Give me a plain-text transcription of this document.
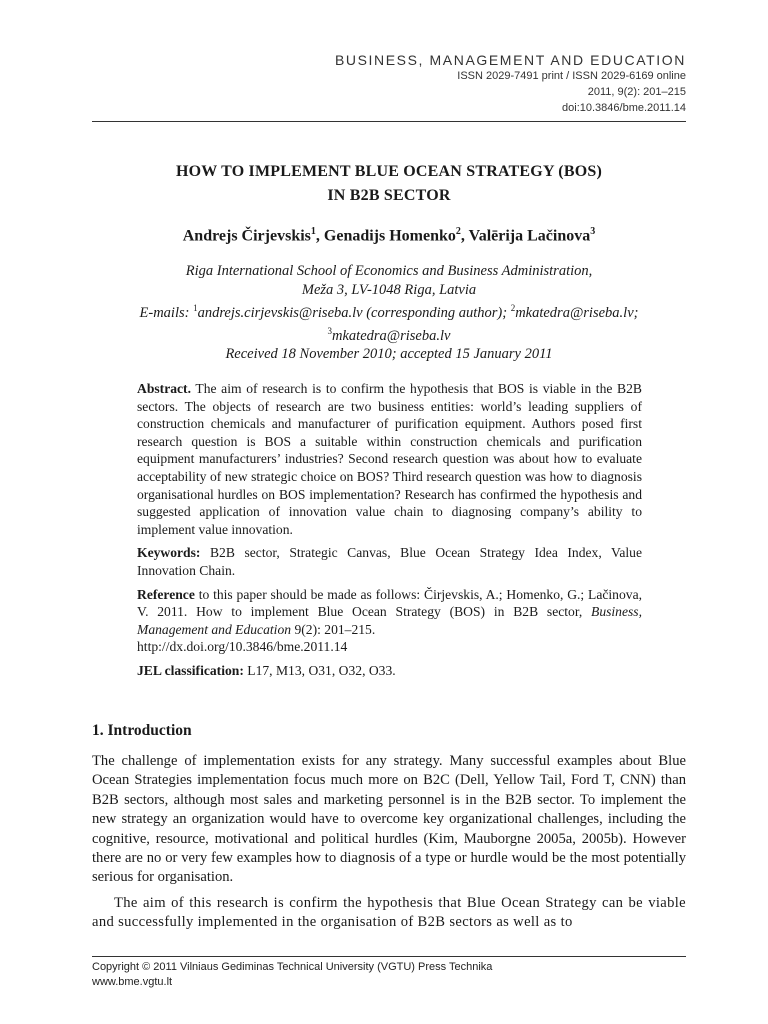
BUSINESS, MANAGEMENT AND EDUCATION
ISSN 2029-7491 print / ISSN 2029-6169 online
2011, 9(2): 201–215
doi:10.3846/bme.2011.14
HOW TO IMPLEMENT BLUE OCEAN STRATEGY (BOS)
IN B2B SECTOR
Andrejs Čirjevskis$^1$, Genadijs Homenko$^2$, Valērija Lačinova$^3$
Riga International School of Economics and Business Administration,
Meža 3, LV-1048 Riga, Latvia
E-mails: $^1$andrejs.cirjevskis@riseba.lv (corresponding author); $^2$mkatedra@riseba.lv;
$^3$mkatedra@riseba.lv
Received 18 November 2010; accepted 15 January 2011

Abstract. The aim of research is to confirm the hypothesis that BOS is viable in the B2B sectors. The objects of research are two business entities: world’s leading suppliers of construction chemicals and manufacturer of purification equipment. Authors posed first research question is BOS a suitable within construction chemicals and purification equipment manufacturers’ industries? Second research question was about how to evaluate acceptability of new strategic choice on BOS? Third research question was how to diagnosis organisational hurdles on BOS implementation? Research has confirmed the hypothesis and suggested application of innovation value chain to diagnosing company’s ability to implement value innovation.

Keywords: B2B sector, Strategic Canvas, Blue Ocean Strategy Idea Index, Value Innovation Chain.

Reference to this paper should be made as follows: Čirjevskis, A.; Homenko, G.; Lačinova, V. 2011. How to implement Blue Ocean Strategy (BOS) in B2B sector, Business, Management and Education 9(2): 201–215.
http://dx.doi.org/10.3846/bme.2011.14

JEL classification: L17, M13, O31, O32, O33.

1. Introduction

The challenge of implementation exists for any strategy. Many successful examples about Blue Ocean Strategies implementation focus much more on B2C (Dell, Yellow Tail, Ford T, CNN) than B2B sectors, although most sales and marketing personnel is in the B2B sector. To implement the new strategy an organization would have to overcome key organizational challenges, including the cognitive, resource, motivational and political hurdles (Kim, Mauborgne 2005a, 2005b). However there are no or very few examples how to diagnosis of a type or hurdle would be the most potentially serious for organisation.

The aim of this research is confirm the hypothesis that Blue Ocean Strategy can be viable and successfully implemented in the organisation of B2B sectors as well as to

Copyright © 2011 Vilniaus Gediminas Technical University (VGTU) Press Technika
www.bme.vgtu.lt
